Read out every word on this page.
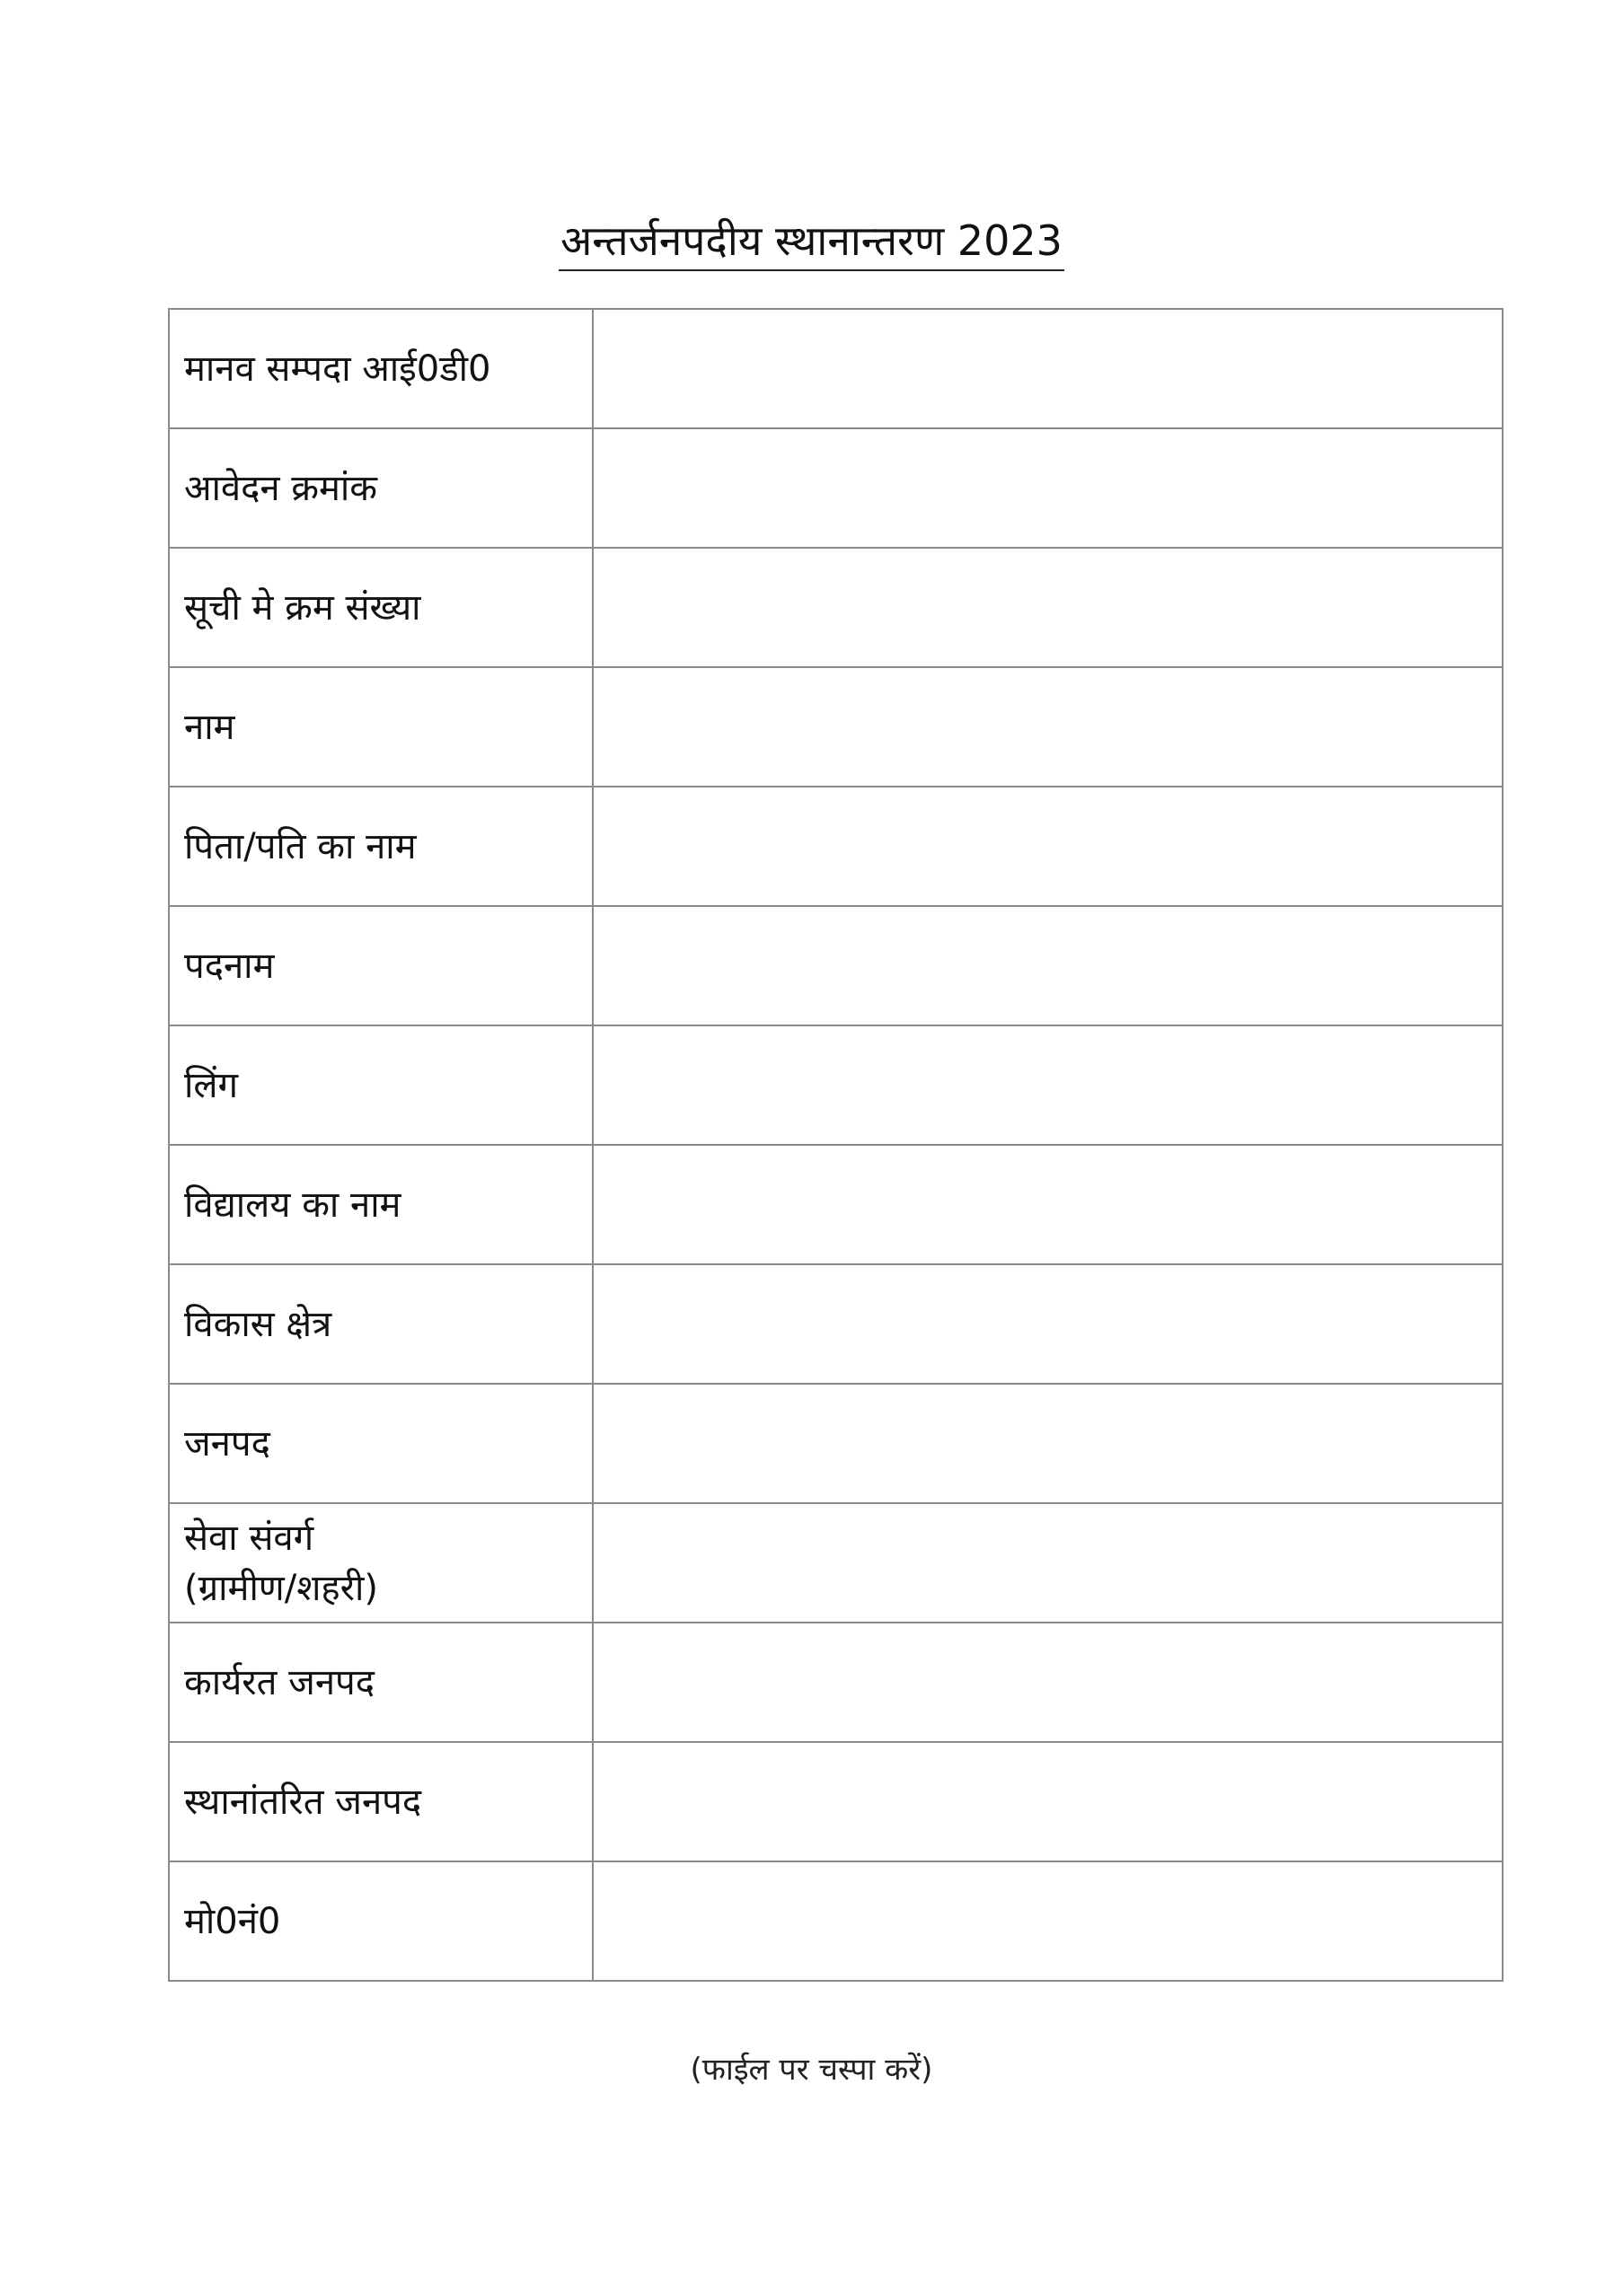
अन्तर्जनपदीय स्थानान्तरण 2023
मानव सम्पदा आई0डी0	
आवेदन क्रमांक	
सूची मे क्रम संख्या	
नाम	
पिता/पति का नाम	
पदनाम	
लिंग	
विद्यालय का नाम	
विकास क्षेत्र	
जनपद	

सेवा संवर्ग
(ग्रामीण/शहरी)	

कार्यरत जनपद	
स्थानांतरित जनपद	
मो0नं0	
(फाईल पर चस्पा करें)
